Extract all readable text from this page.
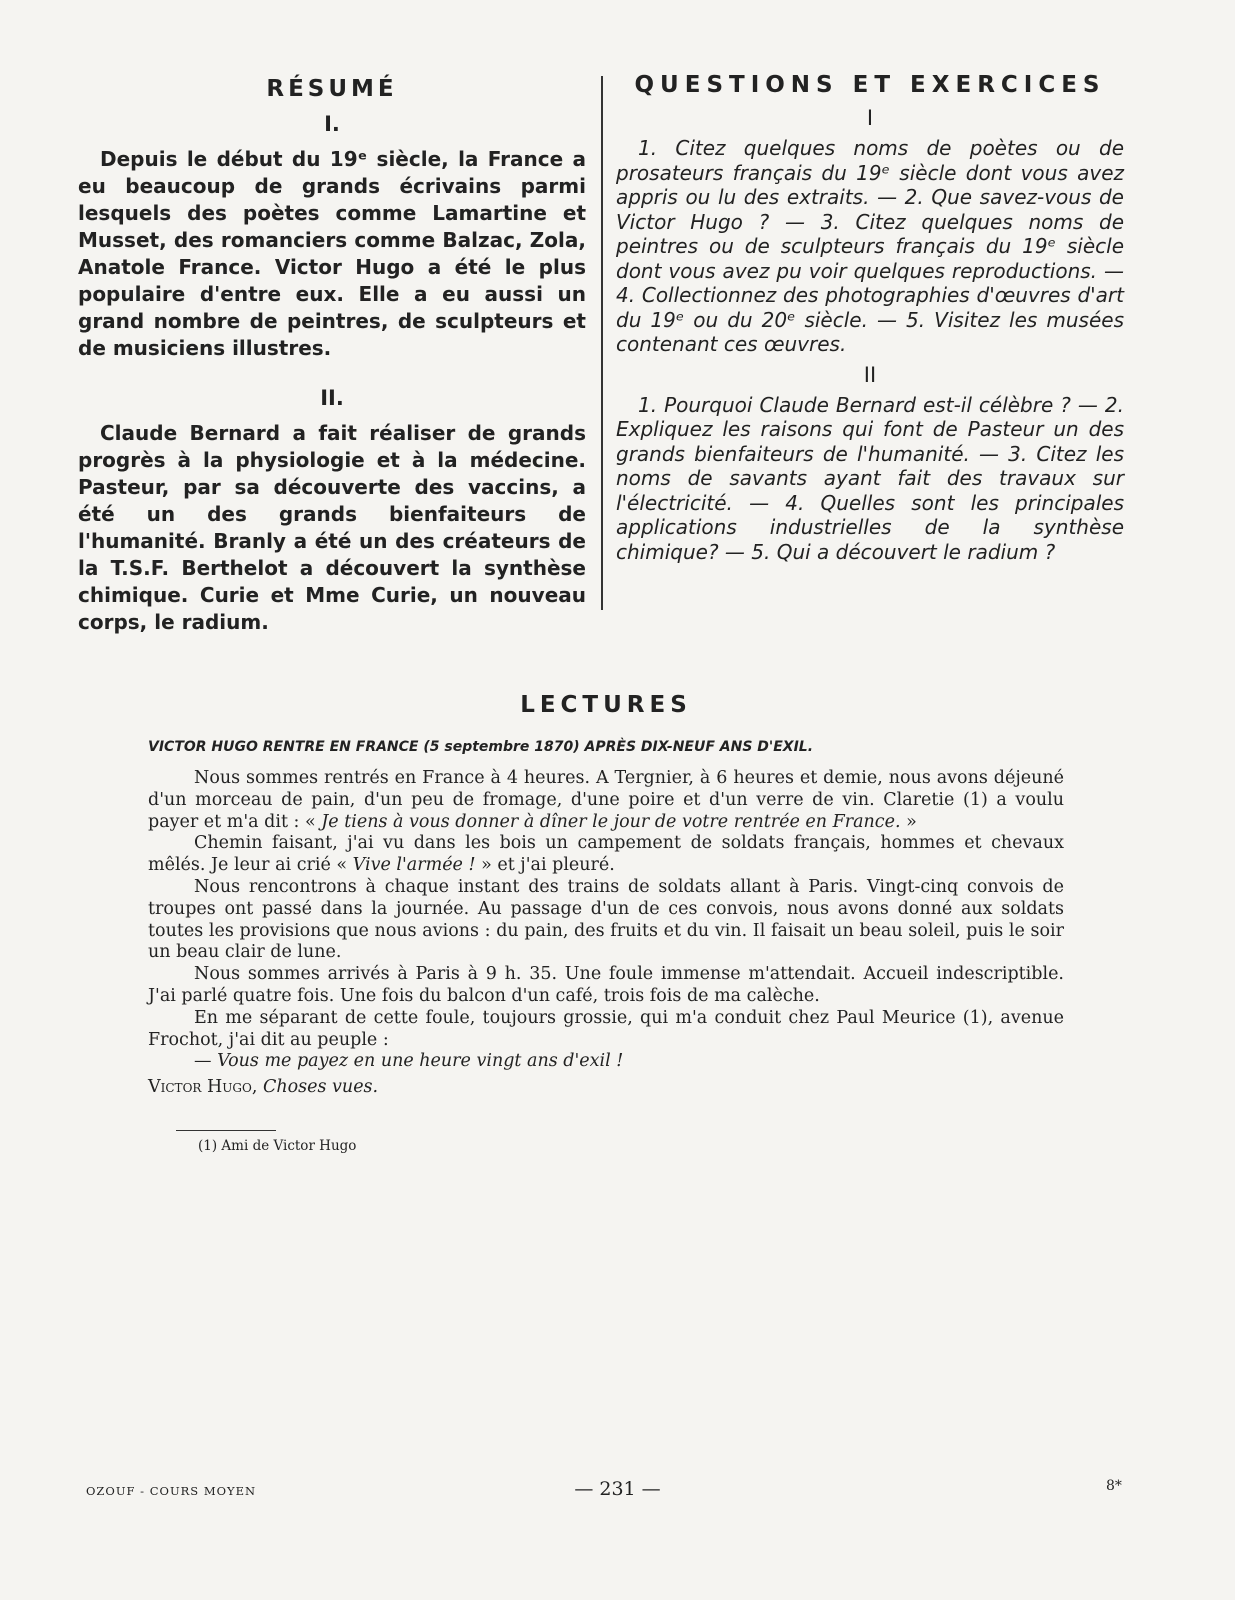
RÉSUMÉ
I.

Depuis le début du 19ᵉ siècle, la France a eu beaucoup de grands écrivains parmi lesquels des poètes comme Lamartine et Musset, des romanciers comme Balzac, Zola, Anatole France. Victor Hugo a été le plus populaire d'entre eux. Elle a eu aussi un grand nombre de peintres, de sculpteurs et de musiciens illustres.

II.

Claude Bernard a fait réaliser de grands progrès à la physiologie et à la médecine. Pasteur, par sa découverte des vaccins, a été un des grands bienfaiteurs de l'humanité. Branly a été un des créateurs de la T.S.F. Berthelot a découvert la synthèse chimique. Curie et Mme Curie, un nouveau corps, le radium.

QUESTIONS ET EXERCICES
I

1. Citez quelques noms de poètes ou de prosateurs français du 19ᵉ siècle dont vous avez appris ou lu des extraits. — 2. Que savez-vous de Victor Hugo ? — 3. Citez quelques noms de peintres ou de sculpteurs français du 19ᵉ siècle dont vous avez pu voir quelques reproductions. — 4. Collectionnez des photographies d'œuvres d'art du 19ᵉ ou du 20ᵉ siècle. — 5. Visitez les musées contenant ces œuvres.

II

1. Pourquoi Claude Bernard est-il célèbre ? — 2. Expliquez les raisons qui font de Pasteur un des grands bienfaiteurs de l'humanité. — 3. Citez les noms de savants ayant fait des travaux sur l'électricité. — 4. Quelles sont les principales applications industrielles de la synthèse chimique? — 5. Qui a découvert le radium ?

LECTURES
VICTOR HUGO RENTRE EN FRANCE (5 septembre 1870) APRÈS DIX-NEUF ANS D'EXIL.

Nous sommes rentrés en France à 4 heures. A Tergnier, à 6 heures et demie, nous avons déjeuné d'un morceau de pain, d'un peu de fromage, d'une poire et d'un verre de vin. Claretie (1) a voulu payer et m'a dit : « Je tiens à vous donner à dîner le jour de votre rentrée en France. »

Chemin faisant, j'ai vu dans les bois un campement de soldats français, hommes et chevaux mêlés. Je leur ai crié « Vive l'armée ! » et j'ai pleuré.

Nous rencontrons à chaque instant des trains de soldats allant à Paris. Vingt-cinq convois de troupes ont passé dans la journée. Au passage d'un de ces convois, nous avons donné aux soldats toutes les provisions que nous avions : du pain, des fruits et du vin. Il faisait un beau soleil, puis le soir un beau clair de lune.

Nous sommes arrivés à Paris à 9 h. 35. Une foule immense m'attendait. Accueil indescriptible. J'ai parlé quatre fois. Une fois du balcon d'un café, trois fois de ma calèche.

En me séparant de cette foule, toujours grossie, qui m'a conduit chez Paul Meurice (1), avenue Frochot, j'ai dit au peuple :

— Vous me payez en une heure vingt ans d'exil !

Victor Hugo, Choses vues.

(1) Ami de Victor Hugo
OZOUF - COURS MOYEN	— 231 —	8*
